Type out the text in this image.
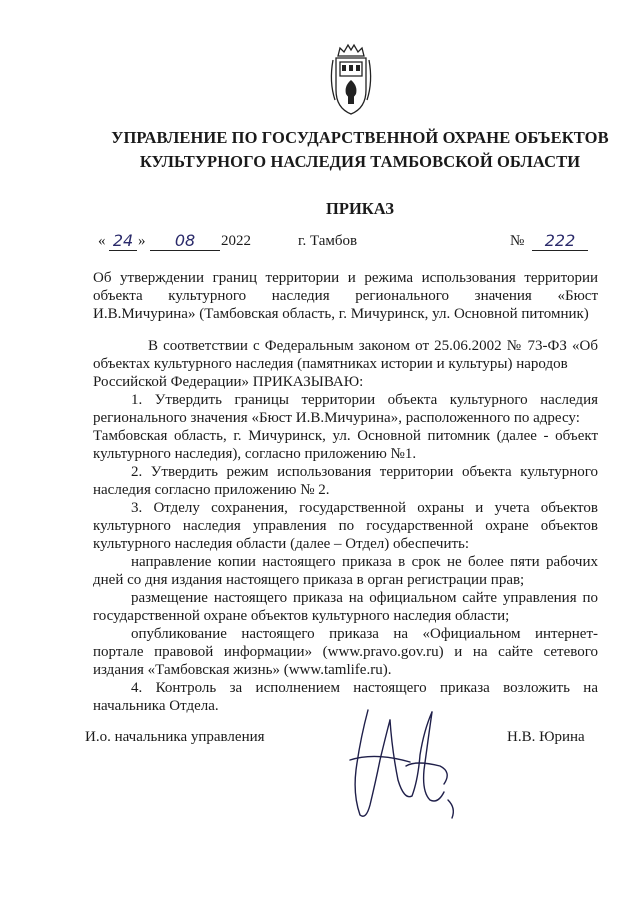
УПРАВЛЕНИЕ ПО ГОСУДАРСТВЕННОЙ ОХРАНЕ ОБЪЕКТОВ
КУЛЬТУРНОГО НАСЛЕДИЯ ТАМБОВСКОЙ ОБЛАСТИ
ПРИКАЗ
« 24 »	08	2022	г. Тамбов	№	222
Об утверждении границ территории и режима использования территории
объекта культурного наследия регионального значения «Бюст
И.В.Мичурина» (Тамбовская область, г. Мичуринск, ул. Основной питомник)
В соответствии с Федеральным законом от 25.06.2002 № 73-ФЗ «Об
объектах культурного наследия (памятниках истории и культуры) народов
Российской Федерации» ПРИКАЗЫВАЮ:
1. Утвердить границы территории объекта культурного наследия
регионального значения «Бюст И.В.Мичурина», расположенного по адресу:
Тамбовская область, г. Мичуринск, ул. Основной питомник (далее - объект
культурного наследия), согласно приложению №1.
2. Утвердить режим использования территории объекта культурного
наследия согласно приложению № 2.
3. Отделу сохранения, государственной охраны и учета объектов
культурного наследия управления по государственной охране объектов
культурного наследия области (далее – Отдел) обеспечить:
направление копии настоящего приказа в срок не более пяти рабочих
дней со дня издания настоящего приказа в орган регистрации прав;
размещение настоящего приказа на официальном сайте управления по
государственной охране объектов культурного наследия области;
опубликование настоящего приказа на «Официальном интернет-
портале правовой информации» (www.pravo.gov.ru) и на сайте сетевого
издания «Тамбовская жизнь» (www.tamlife.ru).
4. Контроль за исполнением настоящего приказа возложить на
начальника Отдела.
И.о. начальника управления	Н.В. Юрина
